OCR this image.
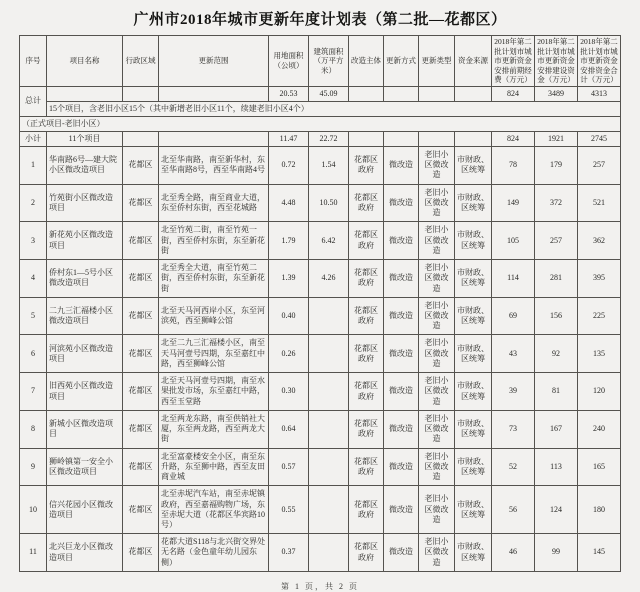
广州市2018年城市更新年度计划表（第二批—花都区）
序号	项目名称	行政区域	更新范围	用地面积（公顷）	建筑面积（万平方米）	改造主体	更新方式	更新类型	资金来源	2018年第二批计划市城市更新资金安排前期经费（万元）	2018年第二批计划市城市更新资金安排建设资金（万元）	2018年第二批计划市城市更新资金安排资金合计（万元）
总计				20.53	45.09					824	3489	4313
	15个项目，含老旧小区15个（其中新增老旧小区11个，续建老旧小区4个）											
（正式项目-老旧小区）												
小计	11个项目			11.47	22.72					824	1921	2745
1	华南路6号—建大院小区微改造项目	花都区	北至华南路，南至新华村，东至华南路8号，西至华南路4号	0.72	1.54	花都区政府	微改造	老旧小区微改造	市财政、区统筹	78	179	257
2	竹苑街小区微改造项目	花都区	北至秀全路，南至商业大道，东至侨村东街，西至花城路	4.48	10.50	花都区政府	微改造	老旧小区微改造	市财政、区统筹	149	372	521
3	新花苑小区微改造项目	花都区	北至竹苑二街，南至竹苑一街，西至侨村东街，东至新花街	1.79	6.42	花都区政府	微改造	老旧小区微改造	市财政、区统筹	105	257	362
4	侨村东1—5号小区微改造项目	花都区	北至秀全大道，南至竹苑二街，西至侨村东街，东至新花街	1.39	4.26	花都区政府	微改造	老旧小区微改造	市财政、区统筹	114	281	395
5	二九三汇福楼小区微改造项目	花都区	北至天马河西岸小区，东至河滨苑，西至狮峰公馆	0.40		花都区政府	微改造	老旧小区微改造	市财政、区统筹	69	156	225
6	河滨苑小区微改造项目	花都区	北至二九三汇福楼小区，南至天马河壹号四期，东至嘉红中路，西至狮峰公馆	0.26		花都区政府	微改造	老旧小区微改造	市财政、区统筹	43	92	135
7	旧西苑小区微改造项目	花都区	北至天马河壹号四期，南至水果批发市场，东至嘉红中路，西至玉堂路	0.30		花都区政府	微改造	老旧小区微改造	市财政、区统筹	39	81	120
8	新城小区微改造项目	花都区	北至两龙东路，南至供销社大厦，东至两龙路，西至两龙大街	0.64		花都区政府	微改造	老旧小区微改造	市财政、区统筹	73	167	240
9	狮岭镇第一安全小区微改造项目	花都区	北至富豪楼安全小区，南至东升路，东至狮中路，西至友田商业城	0.57		花都区政府	微改造	老旧小区微改造	市财政、区统筹	52	113	165
10	信兴花园小区微改造项目	花都区	北至赤坭汽车站，南至赤坭镇政府，西至嘉福购物广场，东至赤坭大道（花都区华宾路10号）	0.55		花都区政府	微改造	老旧小区微改造	市财政、区统筹	56	124	180
11	北兴巨龙小区微改造项目	花都区	花都大道S118与北兴街交界处无名路（金色童年幼儿园东侧）	0.37		花都区政府	微改造	老旧小区微改造	市财政、区统筹	46	99	145
第 1 页，共 2 页
